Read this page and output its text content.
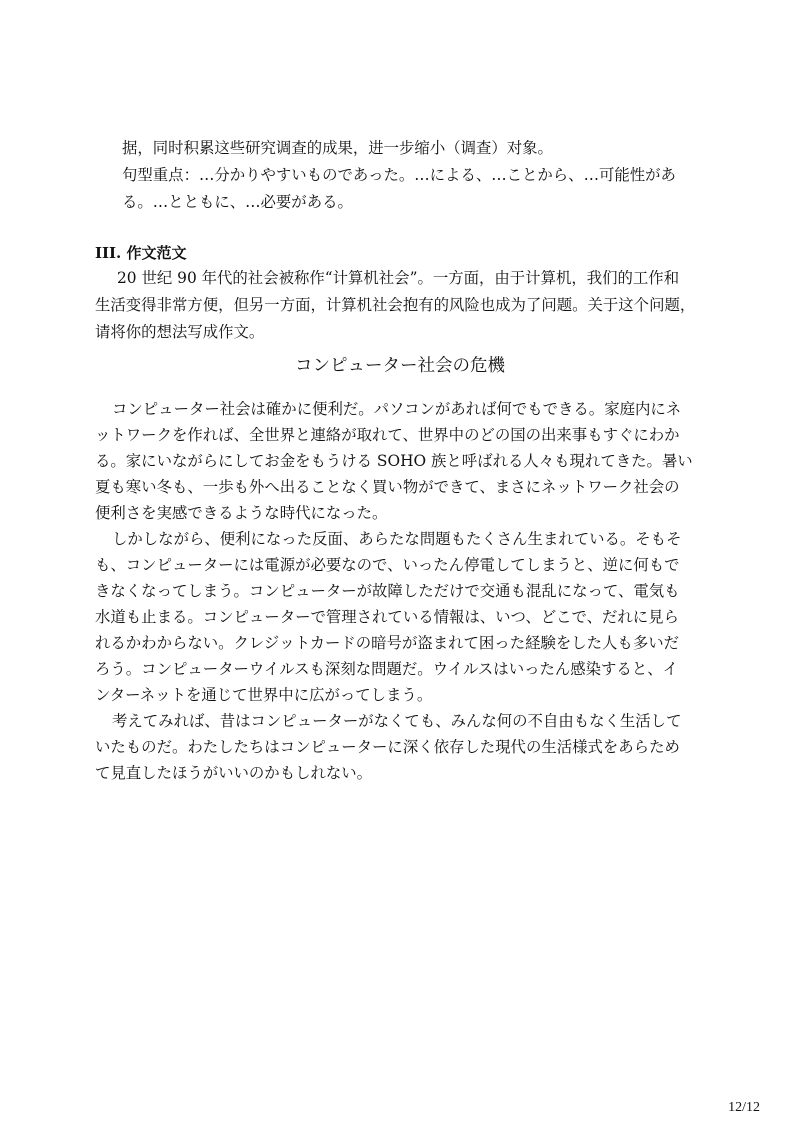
据，同时积累这些研究调查的成果，进一步缩小（调查）对象。
句型重点：…分かりやすいものであった。…による、…ことから、…可能性があ
る。…とともに、…必要がある。
III. 作文范文
20 世纪 90 年代的社会被称作“计算机社会”。一方面，由于计算机，我们的工作和
生活变得非常方便，但另一方面，计算机社会抱有的风险也成为了问题。关于这个问题，
请将你的想法写成作文。
コンピューター社会の危機
コンピューター社会は確かに便利だ。パソコンがあれば何でもできる。家庭内にネ
ットワークを作れば、全世界と連絡が取れて、世界中のどの国の出来事もすぐにわか
る。家にいながらにしてお金をもうける SOHO 族と呼ばれる人々も現れてきた。暑い
夏も寒い冬も、一歩も外へ出ることなく買い物ができて、まさにネットワーク社会の
便利さを実感できるような時代になった。
しかしながら、便利になった反面、あらたな問題もたくさん生まれている。そもそ
も、コンピューターには電源が必要なので、いったん停電してしまうと、逆に何もで
きなくなってしまう。コンピューターが故障しただけで交通も混乱になって、電気も
水道も止まる。コンピューターで管理されている情報は、いつ、どこで、だれに見ら
れるかわからない。クレジットカードの暗号が盗まれて困った経験をした人も多いだ
ろう。コンピューターウイルスも深刻な問題だ。ウイルスはいったん感染すると、イ
ンターネットを通じて世界中に広がってしまう。
考えてみれば、昔はコンピューターがなくても、みんな何の不自由もなく生活して
いたものだ。わたしたちはコンピューターに深く依存した現代の生活様式をあらため
て見直したほうがいいのかもしれない。
12/12
